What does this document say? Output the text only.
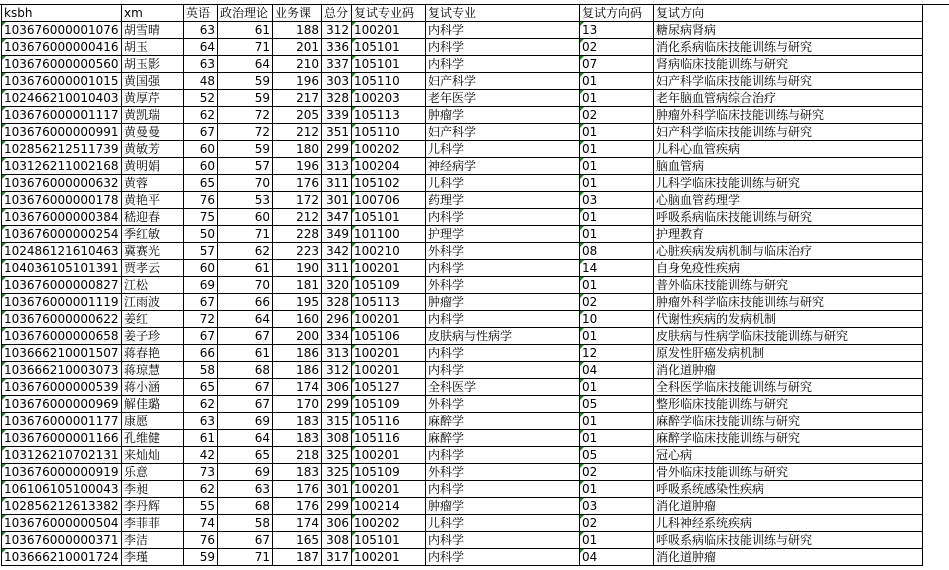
ksbh	xm	英语	政治理论	业务课	总分	复试专业码	复试专业	复试方向码	复试方向
103676000001076	胡雪晴	63	61	188	312	100201	内科学	13	糖尿病肾病
103676000000416	胡玉	64	71	201	336	105101	内科学	02	消化系病临床技能训练与研究
103676000000560	胡玉影	63	64	210	337	105101	内科学	07	肾病临床技能训练与研究
103676000001015	黄国强	48	59	196	303	105110	妇产科学	01	妇产科学临床技能训练与研究
102466210010403	黄厚芹	52	59	217	328	100203	老年医学	01	老年脑血管病综合治疗
103676000001117	黄凯瑞	62	72	205	339	105113	肿瘤学	02	肿瘤外科学临床技能训练与研究
103676000000991	黄曼曼	67	72	212	351	105110	妇产科学	01	妇产科学临床技能训练与研究
102856212511739	黄敏芳	60	59	180	299	100202	儿科学	01	儿科心血管疾病
103126211002168	黄明娟	60	57	196	313	100204	神经病学	01	脑血管病
103676000000632	黄蓉	65	70	176	311	105102	儿科学	01	儿科学临床技能训练与研究
103676000000178	黄艳平	76	53	172	301	100706	药理学	03	心脑血管药理学
103676000000384	嵇迎春	75	60	212	347	105101	内科学	01	呼吸系病临床技能训练与研究
103676000000254	季红敏	50	71	228	349	101100	护理学	01	护理教育
102486121610463	冀赛光	57	62	223	342	100210	外科学	08	心脏疾病发病机制与临床治疗
104036105101391	贾孝云	60	61	190	311	100201	内科学	14	自身免疫性疾病
103676000000827	江松	69	70	181	320	105109	外科学	01	普外临床技能训练与研究
103676000001119	江雨波	67	66	195	328	105113	肿瘤学	02	肿瘤外科学临床技能训练与研究
103676000000622	姜红	72	64	160	296	100201	内科学	10	代谢性疾病的发病机制
103676000000658	姜子珍	67	67	200	334	105106	皮肤病与性病学	01	皮肤病与性病学临床技能训练与研究
103666210001507	蒋春艳	66	61	186	313	100201	内科学	12	原发性肝癌发病机制
103666210003073	蒋琼慧	58	68	186	312	100201	内科学	04	消化道肿瘤
103676000000539	蒋小涵	65	67	174	306	105127	全科医学	01	全科医学临床技能训练与研究
103676000000969	解佳璐	62	67	170	299	105109	外科学	05	整形临床技能训练与研究
103676000001177	康愿	63	69	183	315	105116	麻醉学	01	麻醉学临床技能训练与研究
103676000001166	孔维健	61	64	183	308	105116	麻醉学	01	麻醉学临床技能训练与研究
103126210702131	来灿灿	42	65	218	325	100201	内科学	05	冠心病
103676000000919	乐意	73	69	183	325	105109	外科学	02	骨外临床技能训练与研究
106106105100043	李昶	62	63	176	301	100201	内科学	01	呼吸系统感染性疾病
102856212613382	李丹辉	55	68	176	299	100214	肿瘤学	03	消化道肿瘤
103676000000504	李菲菲	74	58	174	306	100202	儿科学	02	儿科神经系统疾病
103676000000371	李洁	76	67	165	308	105101	内科学	01	呼吸系病临床技能训练与研究
103666210001724	李瑾	59	71	187	317	100201	内科学	04	消化道肿瘤
